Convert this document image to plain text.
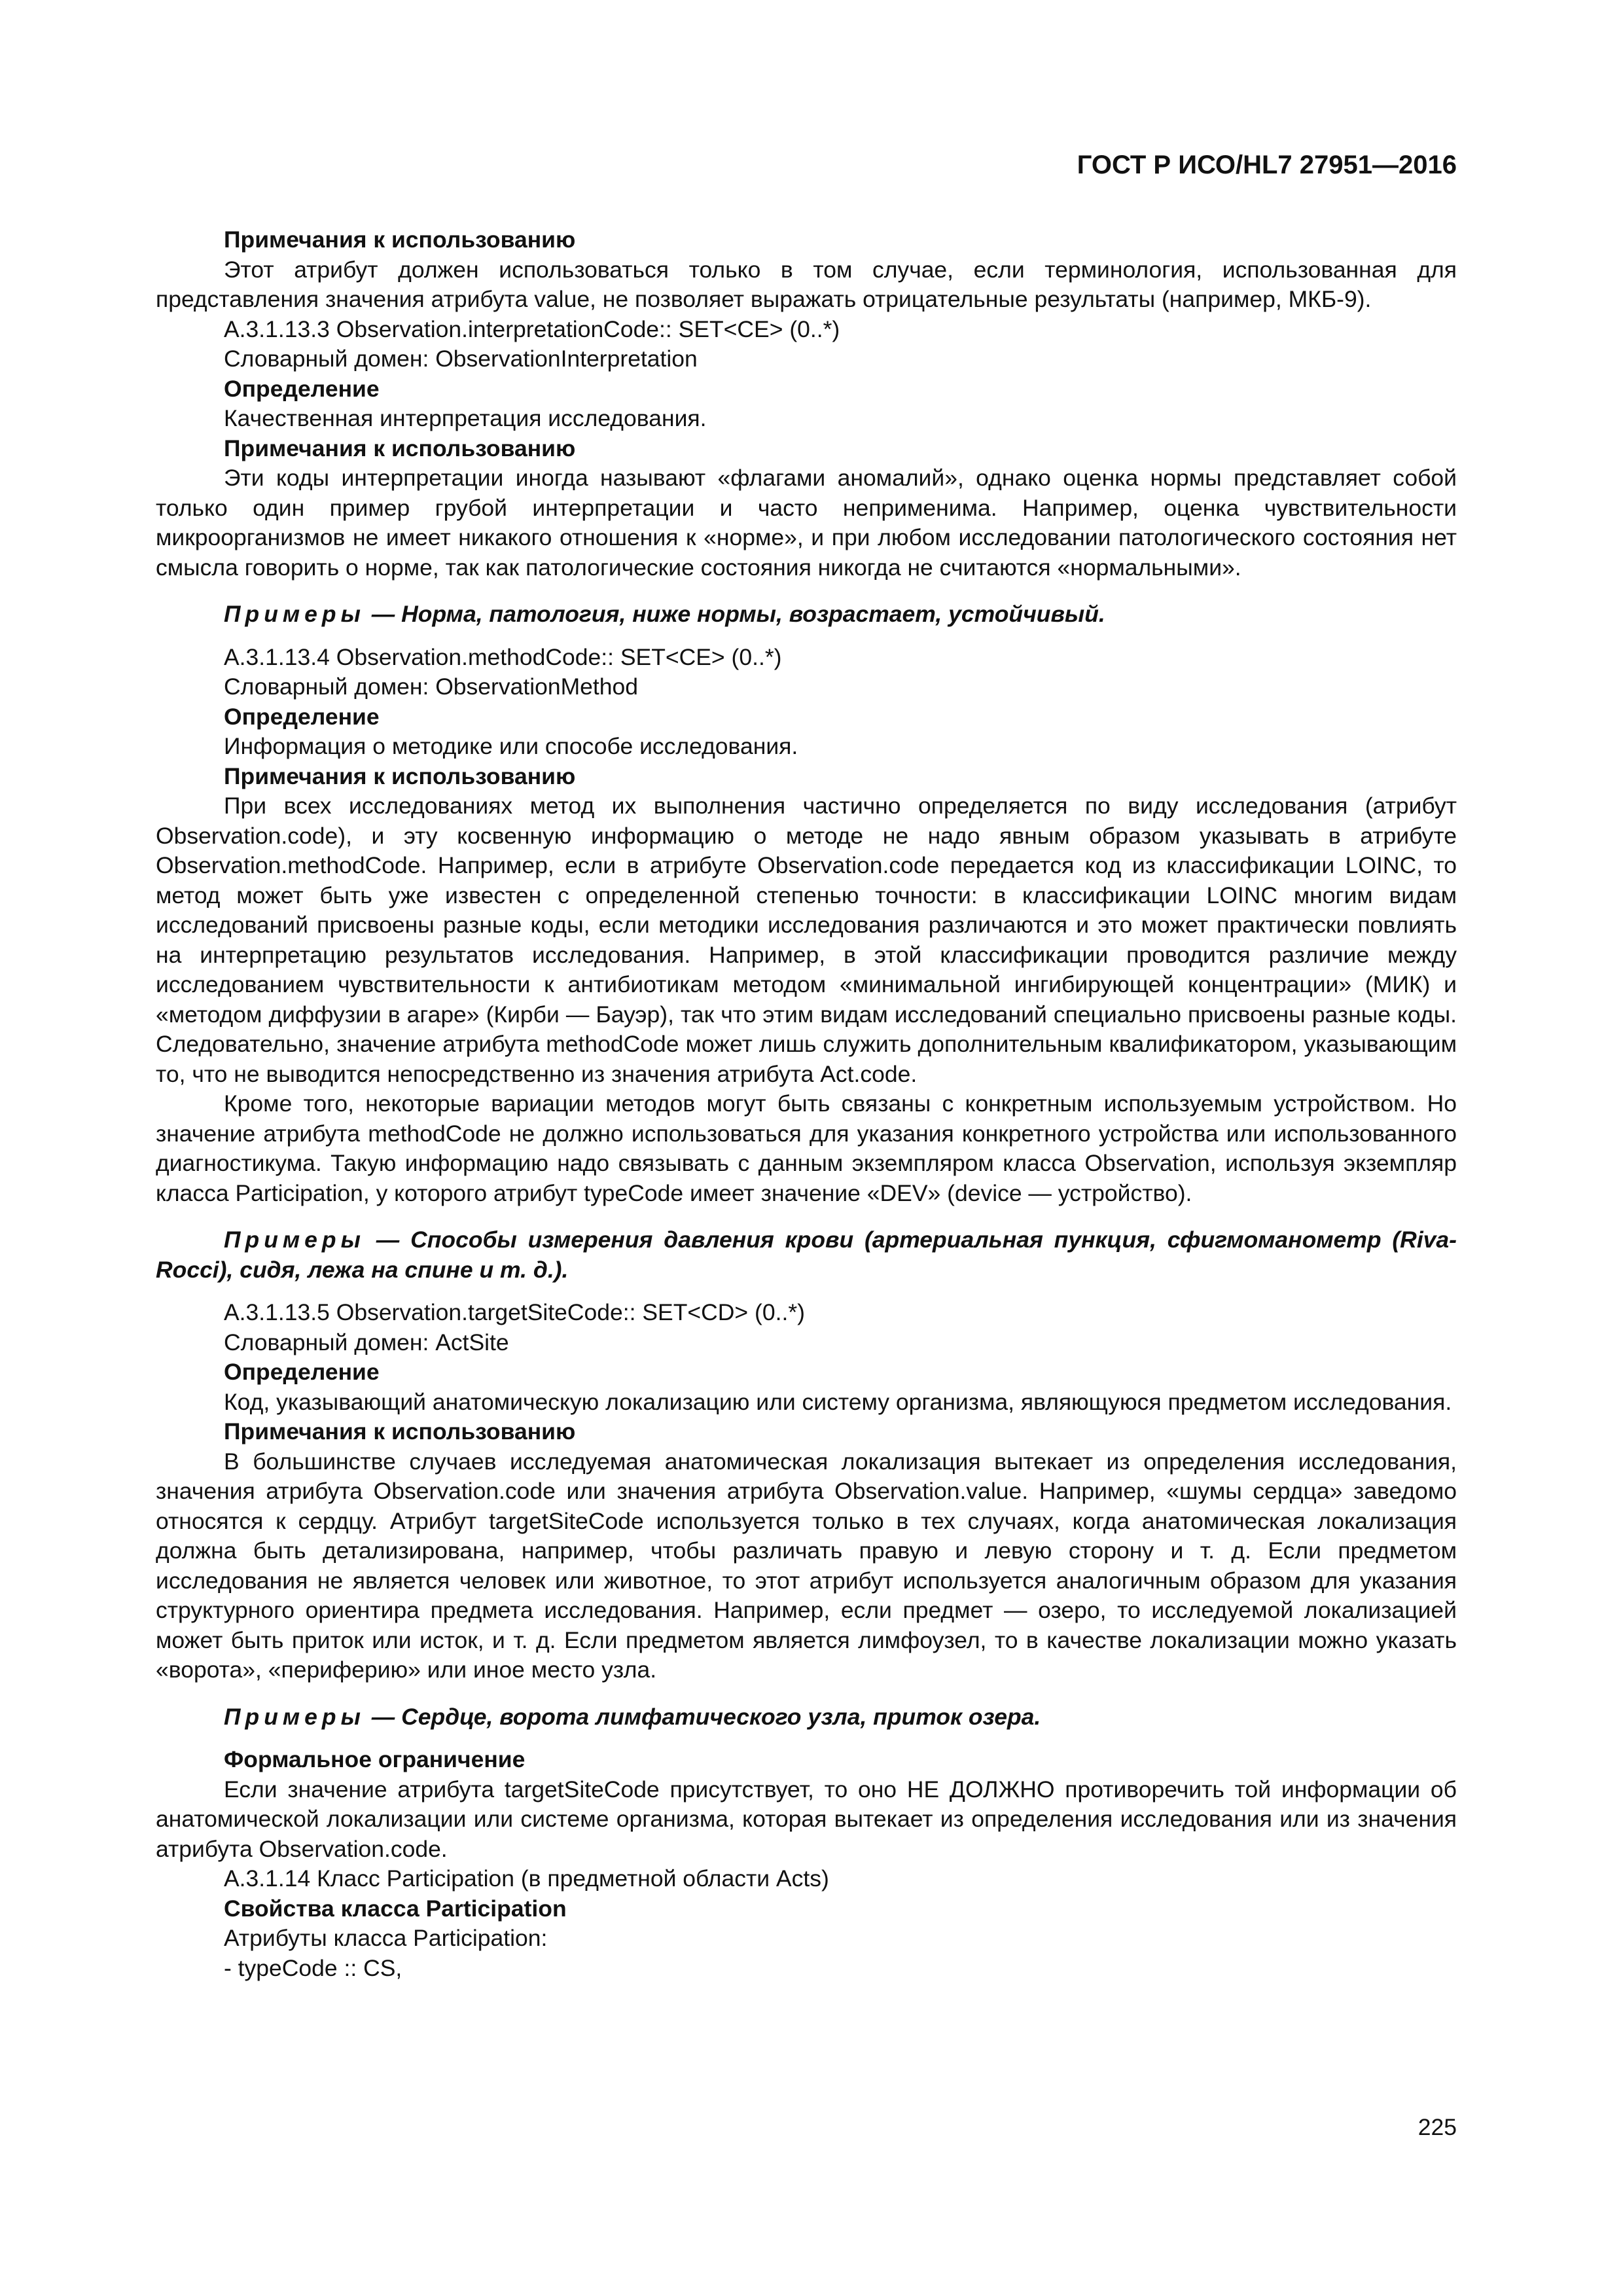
ГОСТ Р ИСО/HL7 27951—2016

Примечания к использованию

Этот атрибут должен использоваться только в том случае, если терминология, использованная для представления значения атрибута value, не позволяет выражать отрицательные результаты (например, МКБ-9).

A.3.1.13.3 Observation.interpretationCode:: SET<CE> (0..*)

Словарный домен: ObservationInterpretation

Определение

Качественная интерпретация исследования.

Примечания к использованию

Эти коды интерпретации иногда называют «флагами аномалий», однако оценка нормы представляет собой только один пример грубой интерпретации и часто неприменима. Например, оценка чувствительности микроорганизмов не имеет никакого отношения к «норме», и при любом исследовании патологического состояния нет смысла говорить о норме, так как патологические состояния никогда не считаются «нормальными».

Примеры — Норма, патология, ниже нормы, возрастает, устойчивый.

A.3.1.13.4 Observation.methodCode:: SET<CE> (0..*)

Словарный домен: ObservationMethod

Определение

Информация о методике или способе исследования.

Примечания к использованию

При всех исследованиях метод их выполнения частично определяется по виду исследования (атрибут Observation.code), и эту косвенную информацию о методе не надо явным образом указывать в атрибуте Observation.methodCode. Например, если в атрибуте Observation.code передается код из классификации LOINC, то метод может быть уже известен с определенной степенью точности: в классификации LOINC многим видам исследований присвоены разные коды, если методики исследования различаются и это может практически повлиять на интерпретацию результатов исследования. Например, в этой классификации проводится различие между исследованием чувствительности к антибиотикам методом «минимальной ингибирующей концентрации» (МИК) и «методом диффузии в агаре» (Кирби — Бауэр), так что этим видам исследований специально присвоены разные коды. Следовательно, значение атрибута methodCode может лишь служить дополнительным квалификатором, указывающим то, что не выводится непосредственно из значения атрибута Act.code.

Кроме того, некоторые вариации методов могут быть связаны с конкретным используемым устройством. Но значение атрибута methodCode не должно использоваться для указания конкретного устройства или использованного диагностикума. Такую информацию надо связывать с данным экземпляром класса Observation, используя экземпляр класса Participation, у которого атрибут typeCode имеет значение «DEV» (device — устройство).

Примеры — Способы измерения давления крови (артериальная пункция, сфигмоманометр (Riva-Rocci), сидя, лежа на спине и т. д.).

A.3.1.13.5 Observation.targetSiteCode:: SET<CD> (0..*)

Словарный домен: ActSite

Определение

Код, указывающий анатомическую локализацию или систему организма, являющуюся предметом исследования.

Примечания к использованию

В большинстве случаев исследуемая анатомическая локализация вытекает из определения исследования, значения атрибута Observation.code или значения атрибута Observation.value. Например, «шумы сердца» заведомо относятся к сердцу. Атрибут targetSiteCode используется только в тех случаях, когда анатомическая локализация должна быть детализирована, например, чтобы различать правую и левую сторону и т. д. Если предметом исследования не является человек или животное, то этот атрибут используется аналогичным образом для указания структурного ориентира предмета исследования. Например, если предмет — озеро, то исследуемой локализацией может быть приток или исток, и т. д. Если предметом является лимфоузел, то в качестве локализации можно указать «ворота», «периферию» или иное место узла.

Примеры — Сердце, ворота лимфатического узла, приток озера.

Формальное ограничение

Если значение атрибута targetSiteCode присутствует, то оно НЕ ДОЛЖНО противоречить той информации об анатомической локализации или системе организма, которая вытекает из определения исследования или из значения атрибута Observation.code.

A.3.1.14 Класс Participation (в предметной области Acts)

Свойства класса Participation

Атрибуты класса Participation:

- typeCode :: CS,

225
